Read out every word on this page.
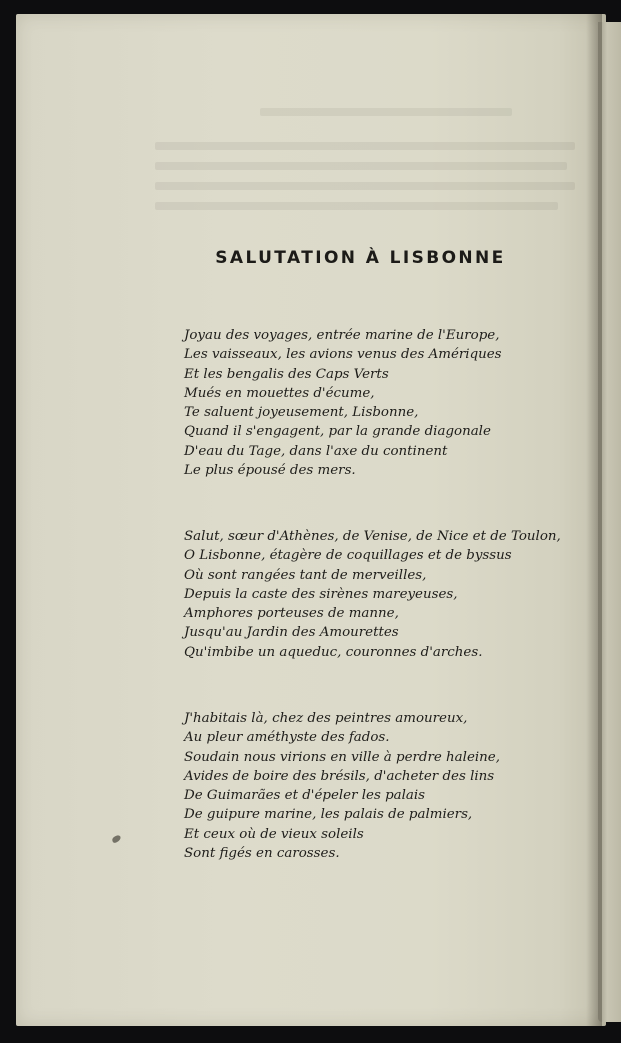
SALUTATION À LISBONNE
Joyau des voyages, entrée marine de l'Europe,
Les vaisseaux, les avions venus des Amériques
Et les bengalis des Caps Verts
Mués en mouettes d'écume,
Te saluent joyeusement, Lisbonne,
Quand il s'engagent, par la grande diagonale
D'eau du Tage, dans l'axe du continent
Le plus épousé des mers.
Salut, sœur d'Athènes, de Venise, de Nice et de Toulon,
O Lisbonne, étagère de coquillages et de byssus
Où sont rangées tant de merveilles,
Depuis la caste des sirènes mareyeuses,
Amphores porteuses de manne,
Jusqu'au Jardin des Amourettes
Qu'imbibe un aqueduc, couronnes d'arches.
J'habitais là, chez des peintres amoureux,
Au pleur améthyste des fados.
Soudain nous virions en ville à perdre haleine,
Avides de boire des brésils, d'acheter des lins
De Guimarães et d'épeler les palais
De guipure marine, les palais de palmiers,
Et ceux où de vieux soleils
Sont figés en carosses.
